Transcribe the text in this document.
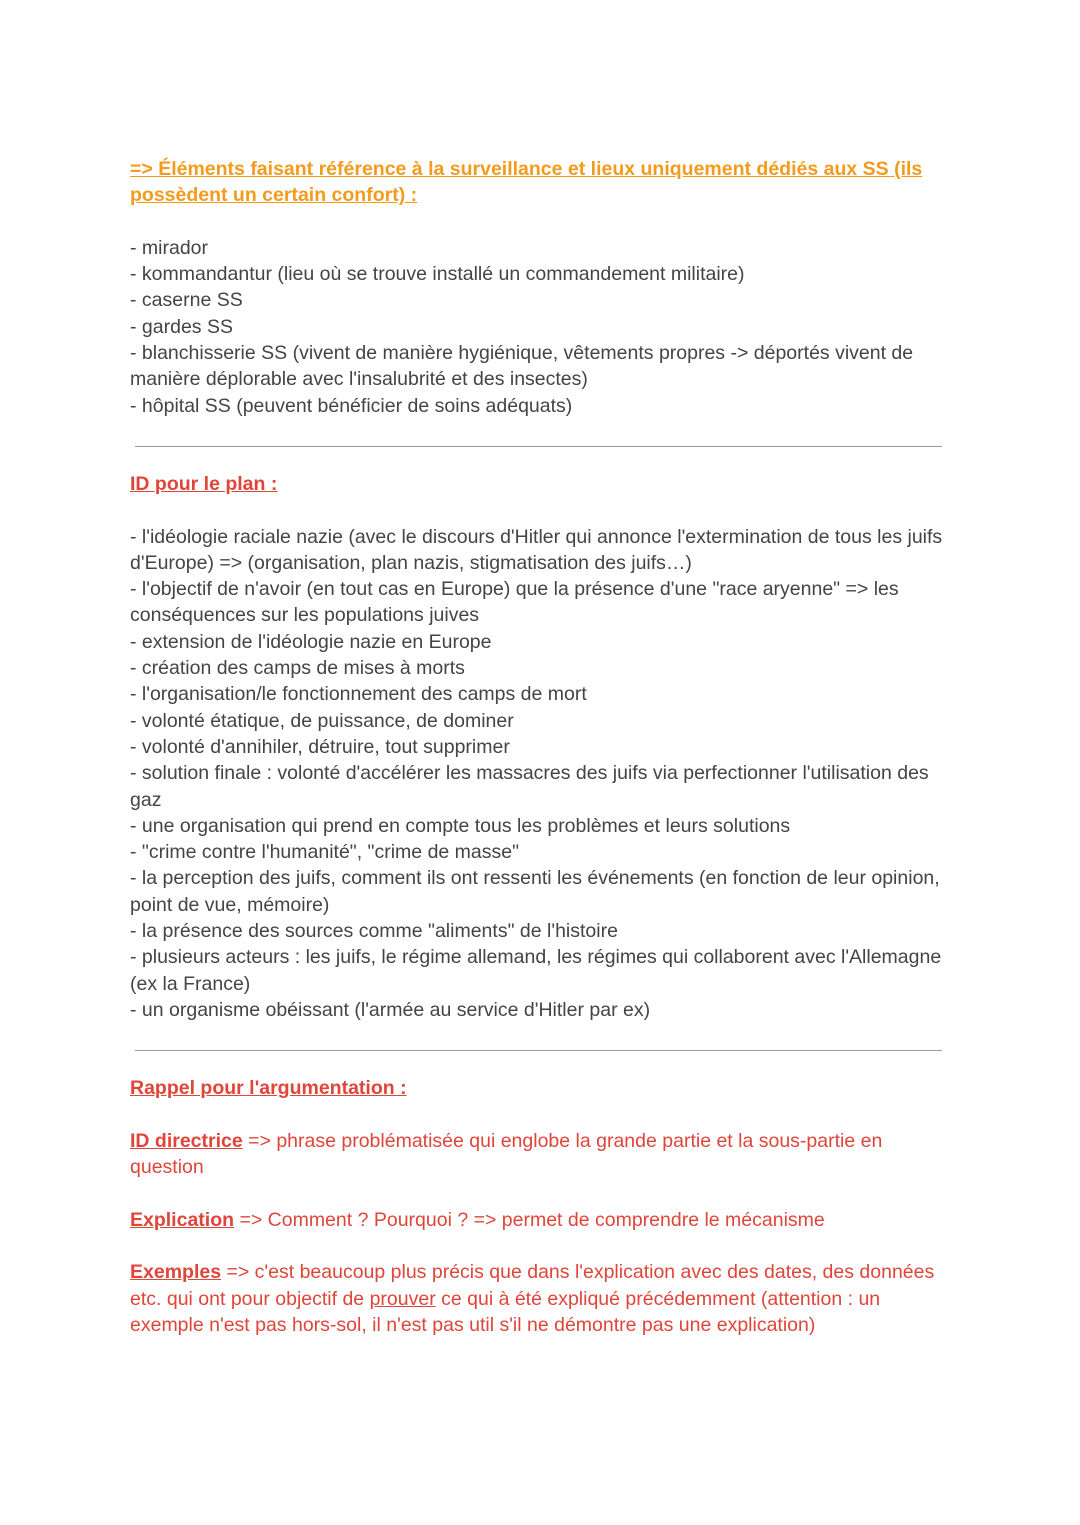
=> Éléments faisant référence à la surveillance et lieux uniquement dédiés aux SS (ils possèdent un certain confort) :
- mirador
- kommandantur (lieu où se trouve installé un commandement militaire)
- caserne SS
- gardes SS
- blanchisserie SS (vivent de manière hygiénique, vêtements propres -> déportés vivent de manière déplorable avec l'insalubrité et des insectes)
- hôpital SS (peuvent bénéficier de soins adéquats)
ID pour le plan :
- l'idéologie raciale nazie (avec le discours d'Hitler qui annonce l'extermination de tous les juifs d'Europe) => (organisation, plan nazis, stigmatisation des juifs…)
- l'objectif de n'avoir (en tout cas en Europe) que la présence d'une "race aryenne" => les conséquences sur les populations juives
- extension de l'idéologie nazie en Europe
- création des camps de mises à morts
- l'organisation/le fonctionnement des camps de mort
- volonté étatique, de puissance, de dominer
- volonté d'annihiler, détruire, tout supprimer
- solution finale : volonté d'accélérer les massacres des juifs via perfectionner l'utilisation des gaz
- une organisation qui prend en compte tous les problèmes et leurs solutions
- "crime contre l'humanité", "crime de masse"
- la perception des juifs, comment ils ont ressenti les événements (en fonction de leur opinion, point de vue, mémoire)
- la présence des sources comme "aliments" de l'histoire
- plusieurs acteurs : les juifs, le régime allemand, les régimes qui collaborent avec l'Allemagne (ex la France)
- un organisme obéissant (l'armée au service d'Hitler par ex)
Rappel pour l'argumentation :
ID directrice => phrase problématisée qui englobe la grande partie et la sous-partie en question
Explication => Comment ? Pourquoi ? => permet de comprendre le mécanisme
Exemples => c'est beaucoup plus précis que dans l'explication avec des dates, des données etc. qui ont pour objectif de prouver ce qui à été expliqué précédemment (attention : un exemple n'est pas hors-sol, il n'est pas util s'il ne démontre pas une explication)
